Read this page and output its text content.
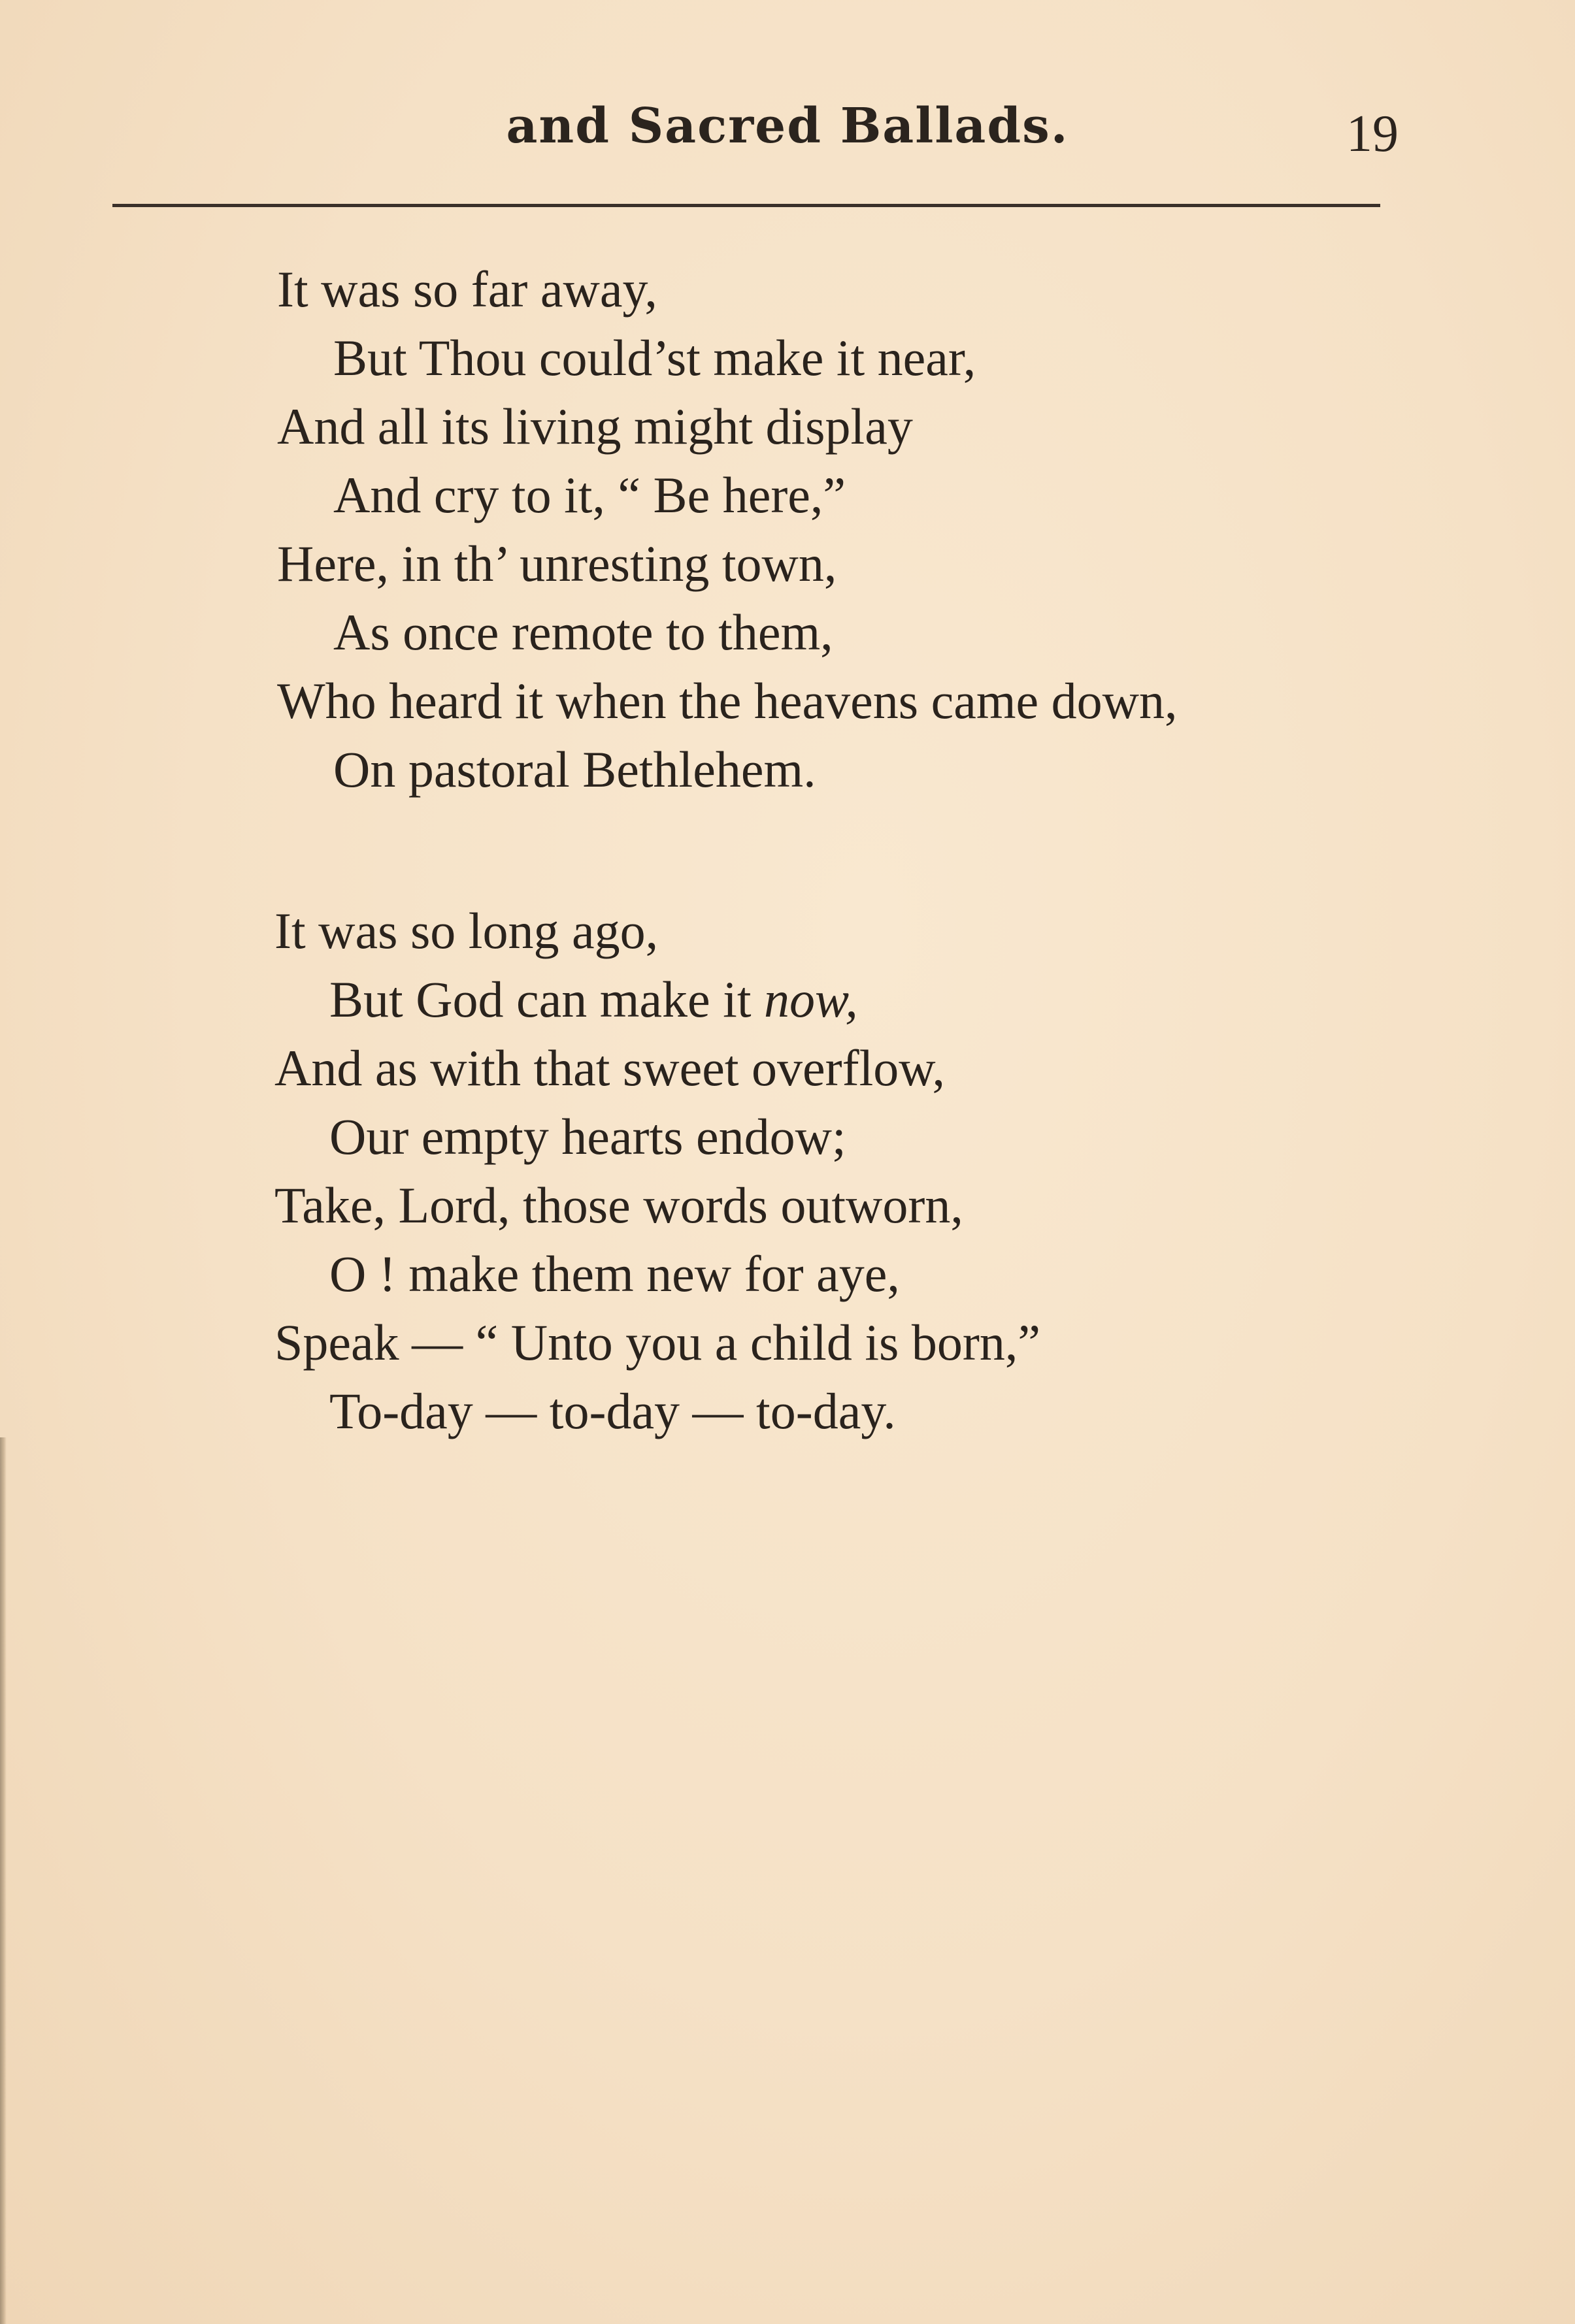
and Sacred Ballads.	19
It was so far away,
But Thou could’st make it near,
And all its living might display
And cry to it, “ Be here,”
Here, in th’ unresting town,
As once remote to them,
Who heard it when the heavens came down,
On pastoral Bethlehem.
It was so long ago,
But God can make it now,
And as with that sweet overflow,
Our empty hearts endow;
Take, Lord, those words outworn,
O ! make them new for aye,
Speak — “ Unto you a child is born,”
To-day — to-day — to-day.
